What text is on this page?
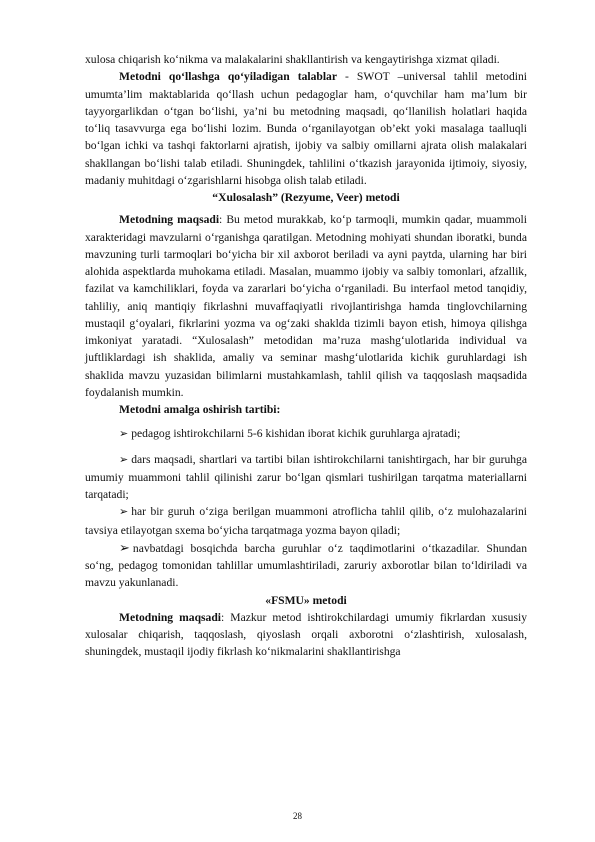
xulosa chiqarish ko‘nikma va malakalarini shakllantirish va kengaytirishga xizmat qiladi.

Metodni qo‘llashga qo‘yiladigan talablar - SWOT –universal tahlil metodini umumta’lim maktablarida qo‘llash uchun pedagoglar ham, o‘quvchilar ham ma’lum bir tayyorgarlikdan o‘tgan bo‘lishi, ya’ni bu metodning maqsadi, qo‘llanilish holatlari haqida to‘liq tasavvurga ega bo‘lishi lozim. Bunda o‘rganilayotgan ob’ekt yoki masalaga taalluqli bo‘lgan ichki va tashqi faktorlarni ajratish, ijobiy va salbiy omillarni ajrata olish malakalari shakllangan bo‘lishi talab etiladi. Shuningdek, tahlilini o‘tkazish jarayonida ijtimoiy, siyosiy, madaniy muhitdagi o‘zgarishlarni hisobga olish talab etiladi.

“Xulosalash” (Rezyume, Veer) metodi

Metodning maqsadi: Bu metod murakkab, ko‘p tarmoqli, mumkin qadar, muammoli xarakteridagi mavzularni o‘rganishga qaratilgan. Metodning mohiyati shundan iboratki, bunda mavzuning turli tarmoqlari bo‘yicha bir xil axborot beriladi va ayni paytda, ularning har biri alohida aspektlarda muhokama etiladi. Masalan, muammo ijobiy va salbiy tomonlari, afzallik, fazilat va kamchiliklari, foyda va zararlari bo‘yicha o‘rganiladi. Bu interfaol metod tanqidiy, tahliliy, aniq mantiqiy fikrlashni muvaffaqiyatli rivojlantirishga hamda tinglovchilarning mustaqil g‘oyalari, fikrlarini yozma va og‘zaki shaklda tizimli bayon etish, himoya qilishga imkoniyat yaratadi. “Xulosalash” metodidan ma’ruza mashg‘ulotlarida individual va juftliklardagi ish shaklida, amaliy va seminar mashg‘ulotlarida kichik guruhlardagi ish shaklida mavzu yuzasidan bilimlarni mustahkamlash, tahlil qilish va taqqoslash maqsadida foydalanish mumkin.

Metodni amalga oshirish tartibi:

➢ pedagog ishtirokchilarni 5-6 kishidan iborat kichik guruhlarga ajratadi;

➢ dars maqsadi, shartlari va tartibi bilan ishtirokchilarni tanishtirgach, har bir guruhga umumiy muammoni tahlil qilinishi zarur bo‘lgan qismlari tushirilgan tarqatma materiallarni tarqatadi;

➢ har bir guruh o‘ziga berilgan muammoni atroflicha tahlil qilib, o‘z mulohazalarini tavsiya etilayotgan sxema bo‘yicha tarqatmaga yozma bayon qiladi;

➢ navbatdagi bosqichda barcha guruhlar o‘z taqdimotlarini o‘tkazadilar. Shundan so‘ng, pedagog tomonidan tahlillar umumlashtiriladi, zaruriy axborotlar bilan to‘ldiriladi va mavzu yakunlanadi.

«FSMU» metodi

Metodning maqsadi: Mazkur metod ishtirokchilardagi umumiy fikrlardan xususiy xulosalar chiqarish, taqqoslash, qiyoslash orqali axborotni o‘zlashtirish, xulosalash, shuningdek, mustaqil ijodiy fikrlash ko‘nikmalarini shakllantirishga

28
